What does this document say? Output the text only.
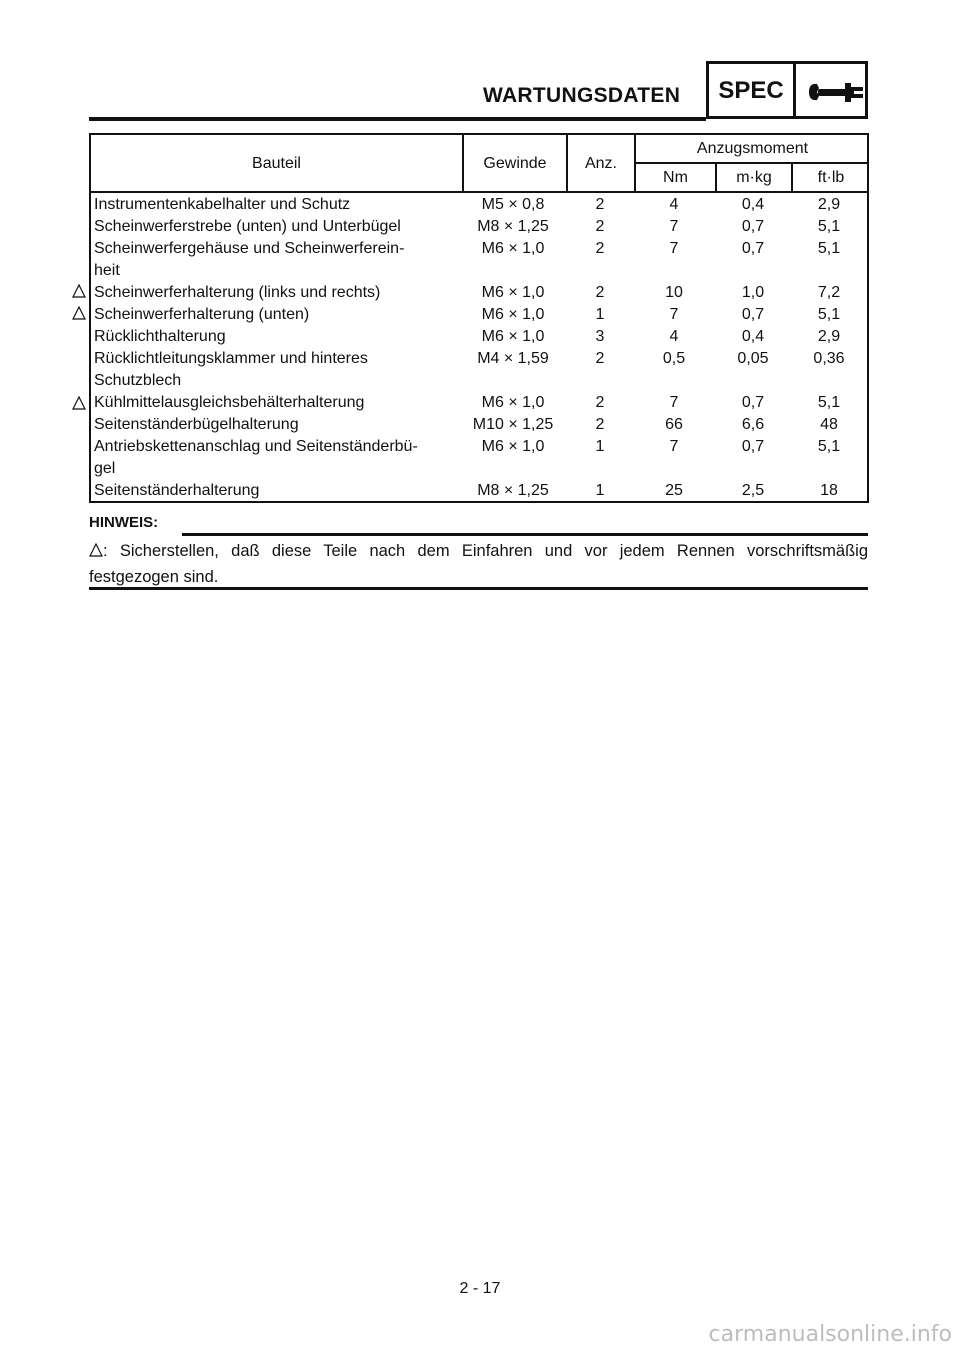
WARTUNGSDATEN	SPEC
Bauteil	Gewinde	Anz.
Anzugsmoment
Nm	m·kg	ft·lb
Instrumentenkabelhalter und Schutz	M5 × 0,8	2	4	0,4	2,9
Scheinwerferstrebe (unten) und Unterbügel	M8 × 1,25	2	7	0,7	5,1
Scheinwerfergehäuse und Scheinwerferein-
heit
M6 × 1,0	2	7	0,7	5,1
Scheinwerferhalterung (links und rechts)	M6 × 1,0	2	10	1,0	7,2
Scheinwerferhalterung (unten)	M6 × 1,0	1	7	0,7	5,1
Rücklichthalterung	M6 × 1,0	3	4	0,4	2,9
Rücklichtleitungsklammer und hinteres
Schutzblech
M4 × 1,59	2	0,5	0,05	0,36
Kühlmittelausgleichsbehälterhalterung	M6 × 1,0	2	7	0,7	5,1
Seitenständerbügelhalterung	M10 × 1,25	2	66	6,6	48
Antriebskettenanschlag und Seitenständerbü-
gel
M6 × 1,0	1	7	0,7	5,1
Seitenständerhalterung	M8 × 1,25	1	25	2,5	18
HINWEIS:
: Sicherstellen, daß diese Teile nach dem Einfahren und vor jedem Rennen vorschriftsmäßig festgezogen sind.
2 - 17
carmanualsonline.info
